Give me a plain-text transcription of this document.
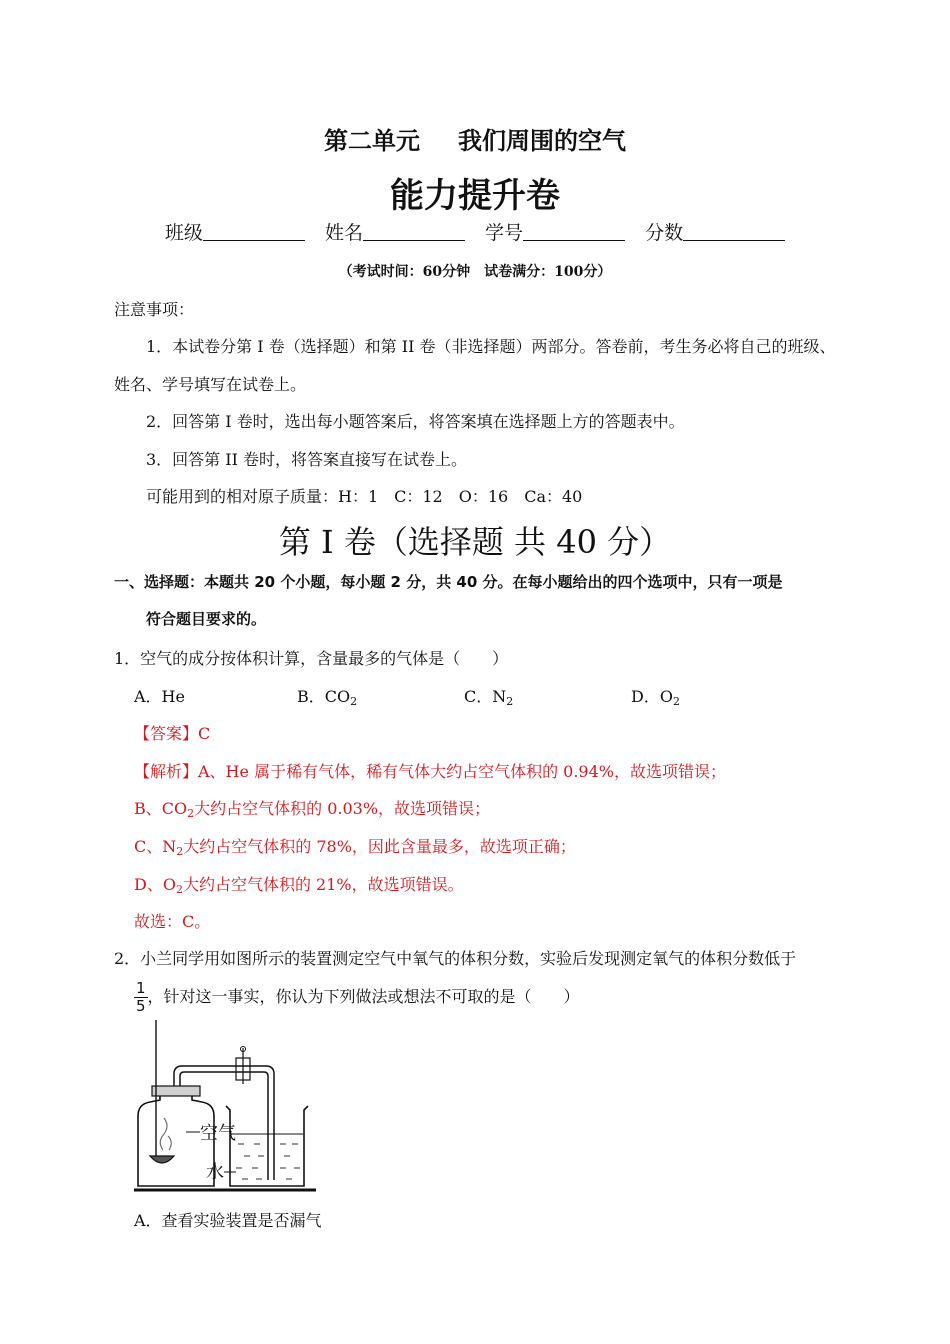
第二单元 我们周围的空气
能力提升卷
班级	姓名	学号	分数
（考试时间：60分钟　试卷满分：100分）
注意事项：
1．本试卷分第 I 卷（选择题）和第 II 卷（非选择题）两部分。答卷前，考生务必将自己的班级、
姓名、学号填写在试卷上。
2．回答第 I 卷时，选出每小题答案后，将答案填在选择题上方的答题表中。
3．回答第 II 卷时，将答案直接写在试卷上。
可能用到的相对原子质量：H：1　C：12　O：16　Ca：40
第 I 卷（选择题 共 40 分）
一、选择题：本题共 20 个小题，每小题 2 分，共 40 分。在每小题给出的四个选项中，只有一项是
符合题目要求的。
1．空气的成分按体积计算，含量最多的气体是（　　）
A．He	B．$CO_2$	C．$N_2$	D．$O_2$
【答案】C
【解析】A、He 属于稀有气体，稀有气体大约占空气体积的 0.94%，故选项错误；
B、$CO_2$大约占空气体积的 0.03%，故选项错误；
C、$N_2$大约占空气体积的 78%，因此含量最多，故选项正确；
D、$O_2$大约占空气体积的 21%，故选项错误。
故选：C。
2．小兰同学用如图所示的装置测定空气中氧气的体积分数，实验后发现测定氧气的体积分数低于
$\frac{1}{5}$ ，针对这一事实，你认为下列做法或想法不可取的是（　　）
空气
水
A．查看实验装置是否漏气
